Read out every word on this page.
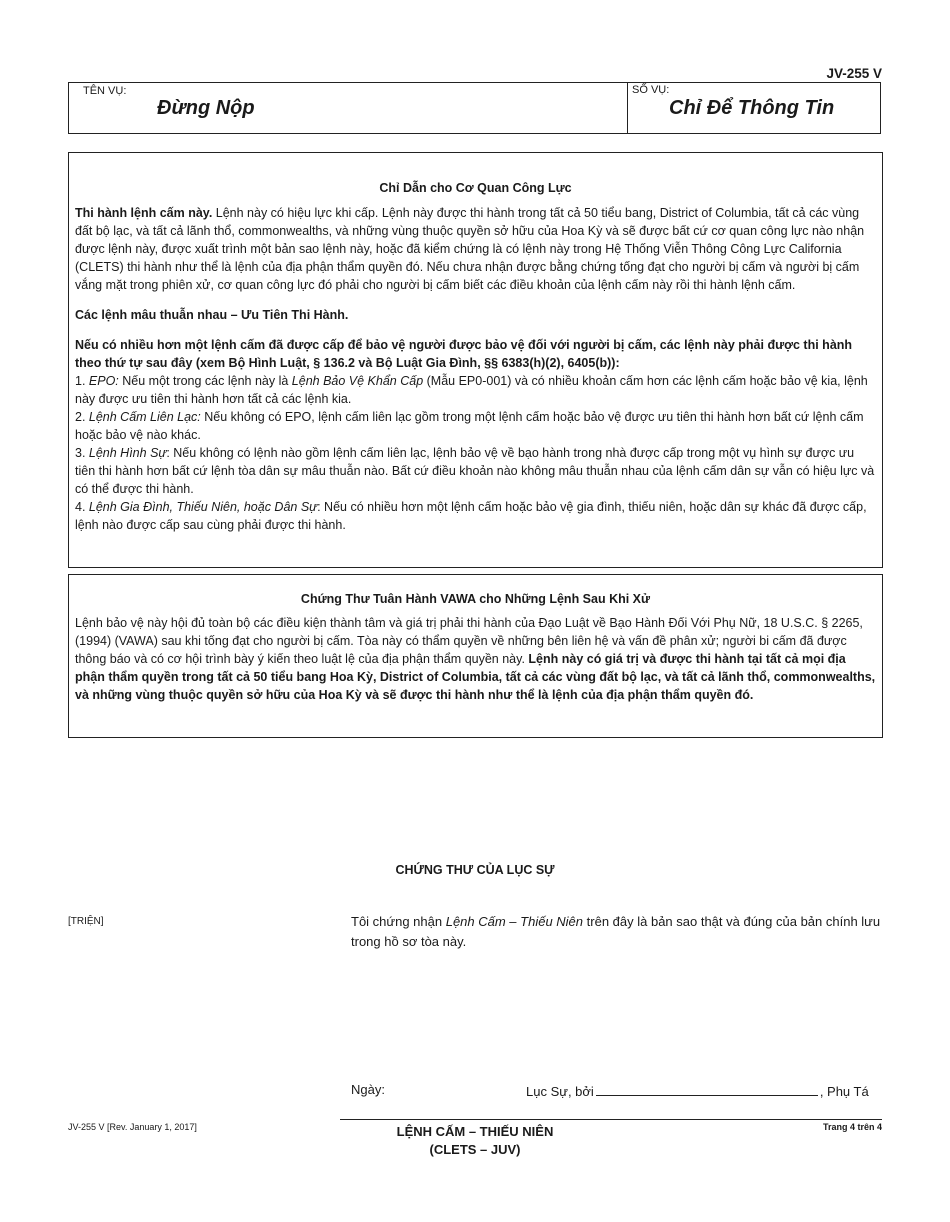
JV-255 V
TÊN VỤ:
Đừng Nộp
SỐ VỤ:
Chỉ Để Thông Tin
Chỉ Dẫn cho Cơ Quan Công Lực

Thi hành lệnh cấm này. Lệnh này có hiệu lực khi cấp. Lệnh này được thi hành trong tất cả 50 tiểu bang, District of Columbia, tất cả các vùng đất bộ lạc, và tất cả lãnh thổ, commonwealths, và những vùng thuộc quyền sở hữu của Hoa Kỳ và sẽ được bất cứ cơ quan công lực nào nhận được lệnh này, được xuất trình một bản sao lệnh này, hoặc đã kiểm chứng là có lệnh này trong Hệ Thống Viễn Thông Công Lực California (CLETS) thi hành như thể là lệnh của địa phận thẩm quyền đó. Nếu chưa nhận được bằng chứng tống đạt cho người bị cấm và người bị cấm vắng mặt trong phiên xử, cơ quan công lực đó phải cho người bị cấm biết các điều khoản của lệnh cấm này rồi thi hành lệnh cấm.

Các lệnh mâu thuẫn nhau – Ưu Tiên Thi Hành.

Nếu có nhiều hơn một lệnh cấm đã được cấp để bảo vệ người được bảo vệ đối với người bị cấm, các lệnh này phải được thi hành theo thứ tự sau đây (xem Bộ Hình Luật, § 136.2 và Bộ Luật Gia Đình, §§ 6383(h)(2), 6405(b)):

1. EPO: Nếu một trong các lệnh này là Lệnh Bảo Vệ Khẩn Cấp (Mẫu EP0-001) và có nhiều khoản cấm hơn các lệnh cấm hoặc bảo vệ kia, lệnh này được ưu tiên thi hành hơn tất cả các lệnh kia.

2. Lệnh Cấm Liên Lạc: Nếu không có EPO, lệnh cấm liên lạc gồm trong một lệnh cấm hoặc bảo vệ được ưu tiên thi hành hơn bất cứ lệnh cấm hoặc bảo vệ nào khác.

3. Lệnh Hình Sự: Nếu không có lệnh nào gồm lệnh cấm liên lạc, lệnh bảo vệ về bạo hành trong nhà được cấp trong một vụ hình sự được ưu tiên thi hành hơn bất cứ lệnh tòa dân sự mâu thuẫn nào. Bất cứ điều khoản nào không mâu thuẫn nhau của lệnh cấm dân sự vẫn có hiệu lực và có thể được thi hành.

4. Lệnh Gia Đình, Thiếu Niên, hoặc Dân Sự: Nếu có nhiều hơn một lệnh cấm hoặc bảo vệ gia đình, thiếu niên, hoặc dân sự khác đã được cấp, lệnh nào được cấp sau cùng phải được thi hành.

Chứng Thư Tuân Hành VAWA cho Những Lệnh Sau Khi Xử

Lệnh bảo vệ này hội đủ toàn bộ các điều kiện thành tâm và giá trị phải thi hành của Đạo Luật về Bạo Hành Đối Với Phụ Nữ, 18 U.S.C. § 2265, (1994) (VAWA) sau khi tống đạt cho người bị cấm. Tòa này có thẩm quyền về những bên liên hệ và vấn đề phân xử; người bi cấm đã được thông báo và có cơ hội trình bày ý kiến theo luật lệ của địa phận thẩm quyền này. Lệnh này có giá trị và được thi hành tại tất cả mọi địa phận thẩm quyền trong tất cả 50 tiểu bang Hoa Kỳ, District of Columbia, tất cả các vùng đất bộ lạc, và tất cả lãnh thổ, commonwealths, và những vùng thuộc quyền sở hữu của Hoa Kỳ và sẽ được thi hành như thể là lệnh của địa phận thẩm quyền đó.

CHỨNG THƯ CỦA LỤC SỰ
[TRIỆN]	Tôi chứng nhận Lệnh Cấm – Thiếu Niên trên đây là bản sao thật và đúng của bản chính lưu trong hồ sơ tòa này.
Ngày:	Lục Sự, bởi	, Phụ Tá
JV-255 V [Rev. January 1, 2017]	LỆNH CẤM – THIẾU NIÊN
(CLETS – JUV)
Trang 4 trên 4
